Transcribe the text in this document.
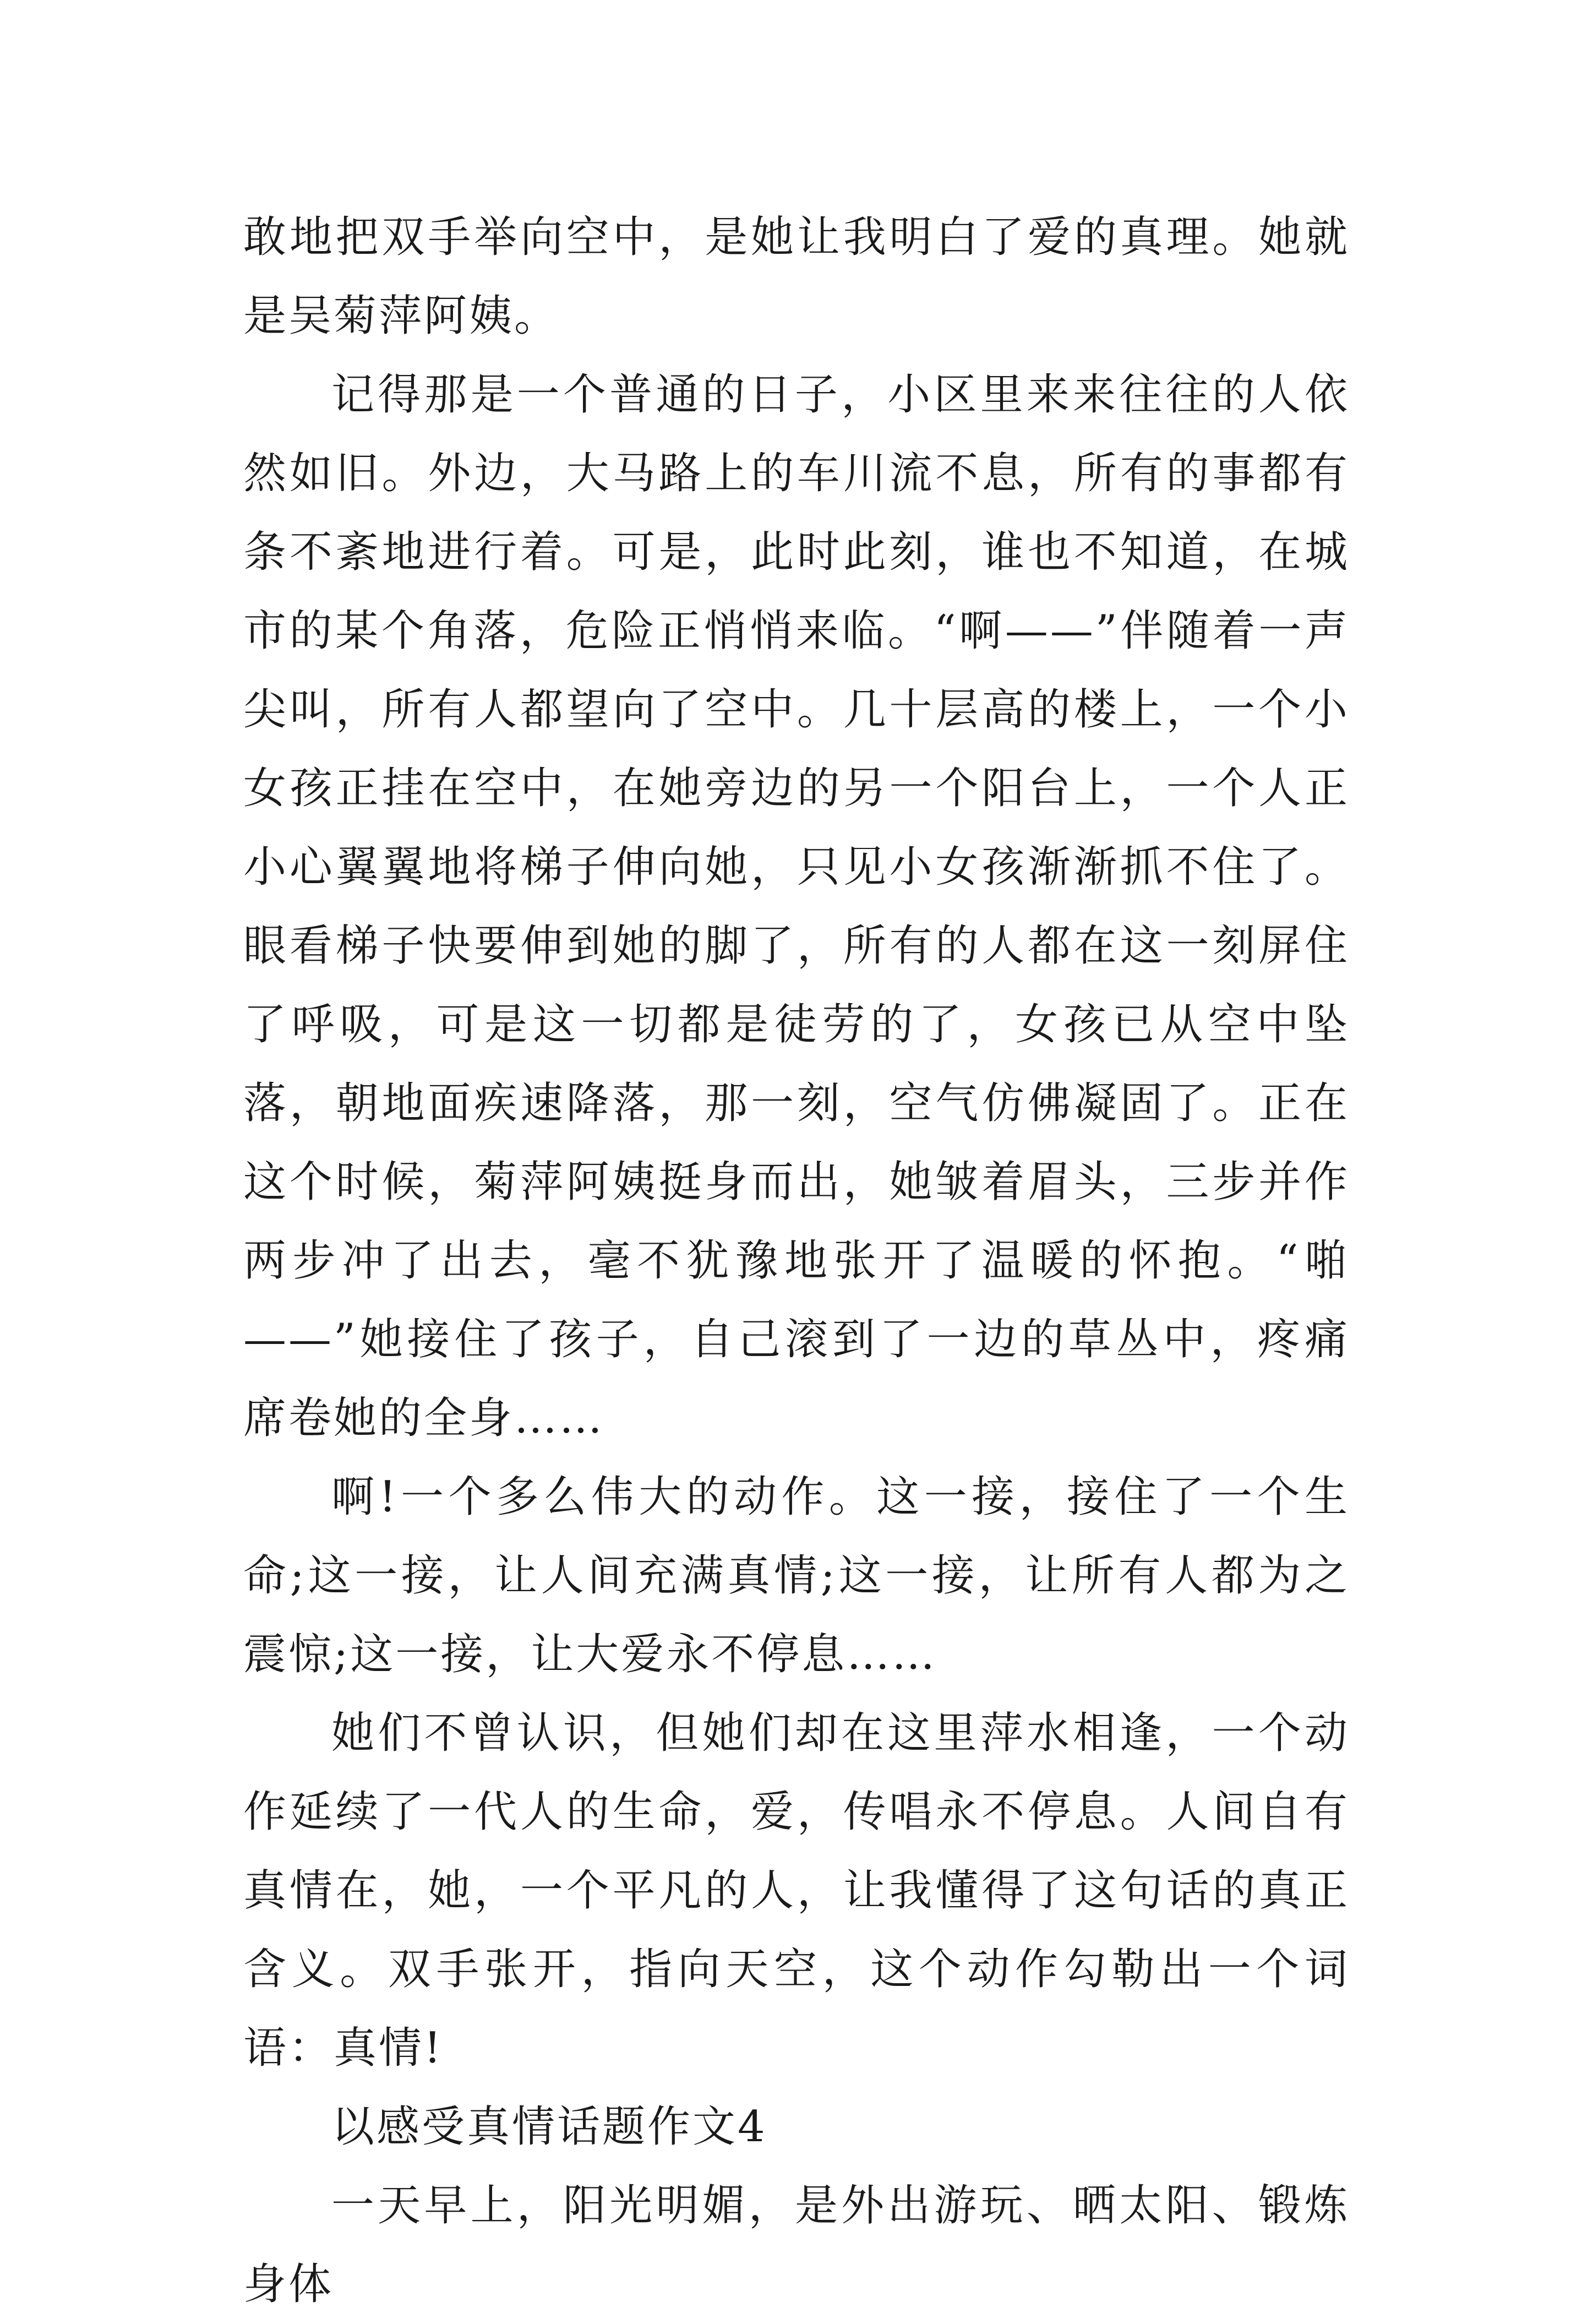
敢地把双手举向空中，是她让我明白了爱的真理。她就是吴菊萍阿姨。

记得那是一个普通的日子，小区里来来往往的人依然如旧。外边，大马路上的车川流不息，所有的事都有条不紊地进行着。可是，此时此刻，谁也不知道，在城市的某个角落，危险正悄悄来临。“啊——”伴随着一声尖叫，所有人都望向了空中。几十层高的楼上，一个小女孩正挂在空中，在她旁边的另一个阳台上，一个人正小心翼翼地将梯子伸向她，只见小女孩渐渐抓不住了。眼看梯子快要伸到她的脚了，所有的人都在这一刻屏住了呼吸，可是这一切都是徒劳的了，女孩已从空中坠落，朝地面疾速降落，那一刻，空气仿佛凝固了。正在这个时候，菊萍阿姨挺身而出，她皱着眉头，三步并作两步冲了出去，毫不犹豫地张开了温暖的怀抱。“啪——”她接住了孩子，自己滚到了一边的草丛中，疼痛席卷她的全身……

啊!一个多么伟大的动作。这一接，接住了一个生命;这一接，让人间充满真情;这一接，让所有人都为之震惊;这一接，让大爱永不停息……

她们不曾认识，但她们却在这里萍水相逢，一个动作延续了一代人的生命，爱，传唱永不停息。人间自有真情在，她，一个平凡的人，让我懂得了这句话的真正含义。双手张开，指向天空，这个动作勾勒出一个词语：真情!

以感受真情话题作文4

一天早上，阳光明媚，是外出游玩、晒太阳、锻炼身体
